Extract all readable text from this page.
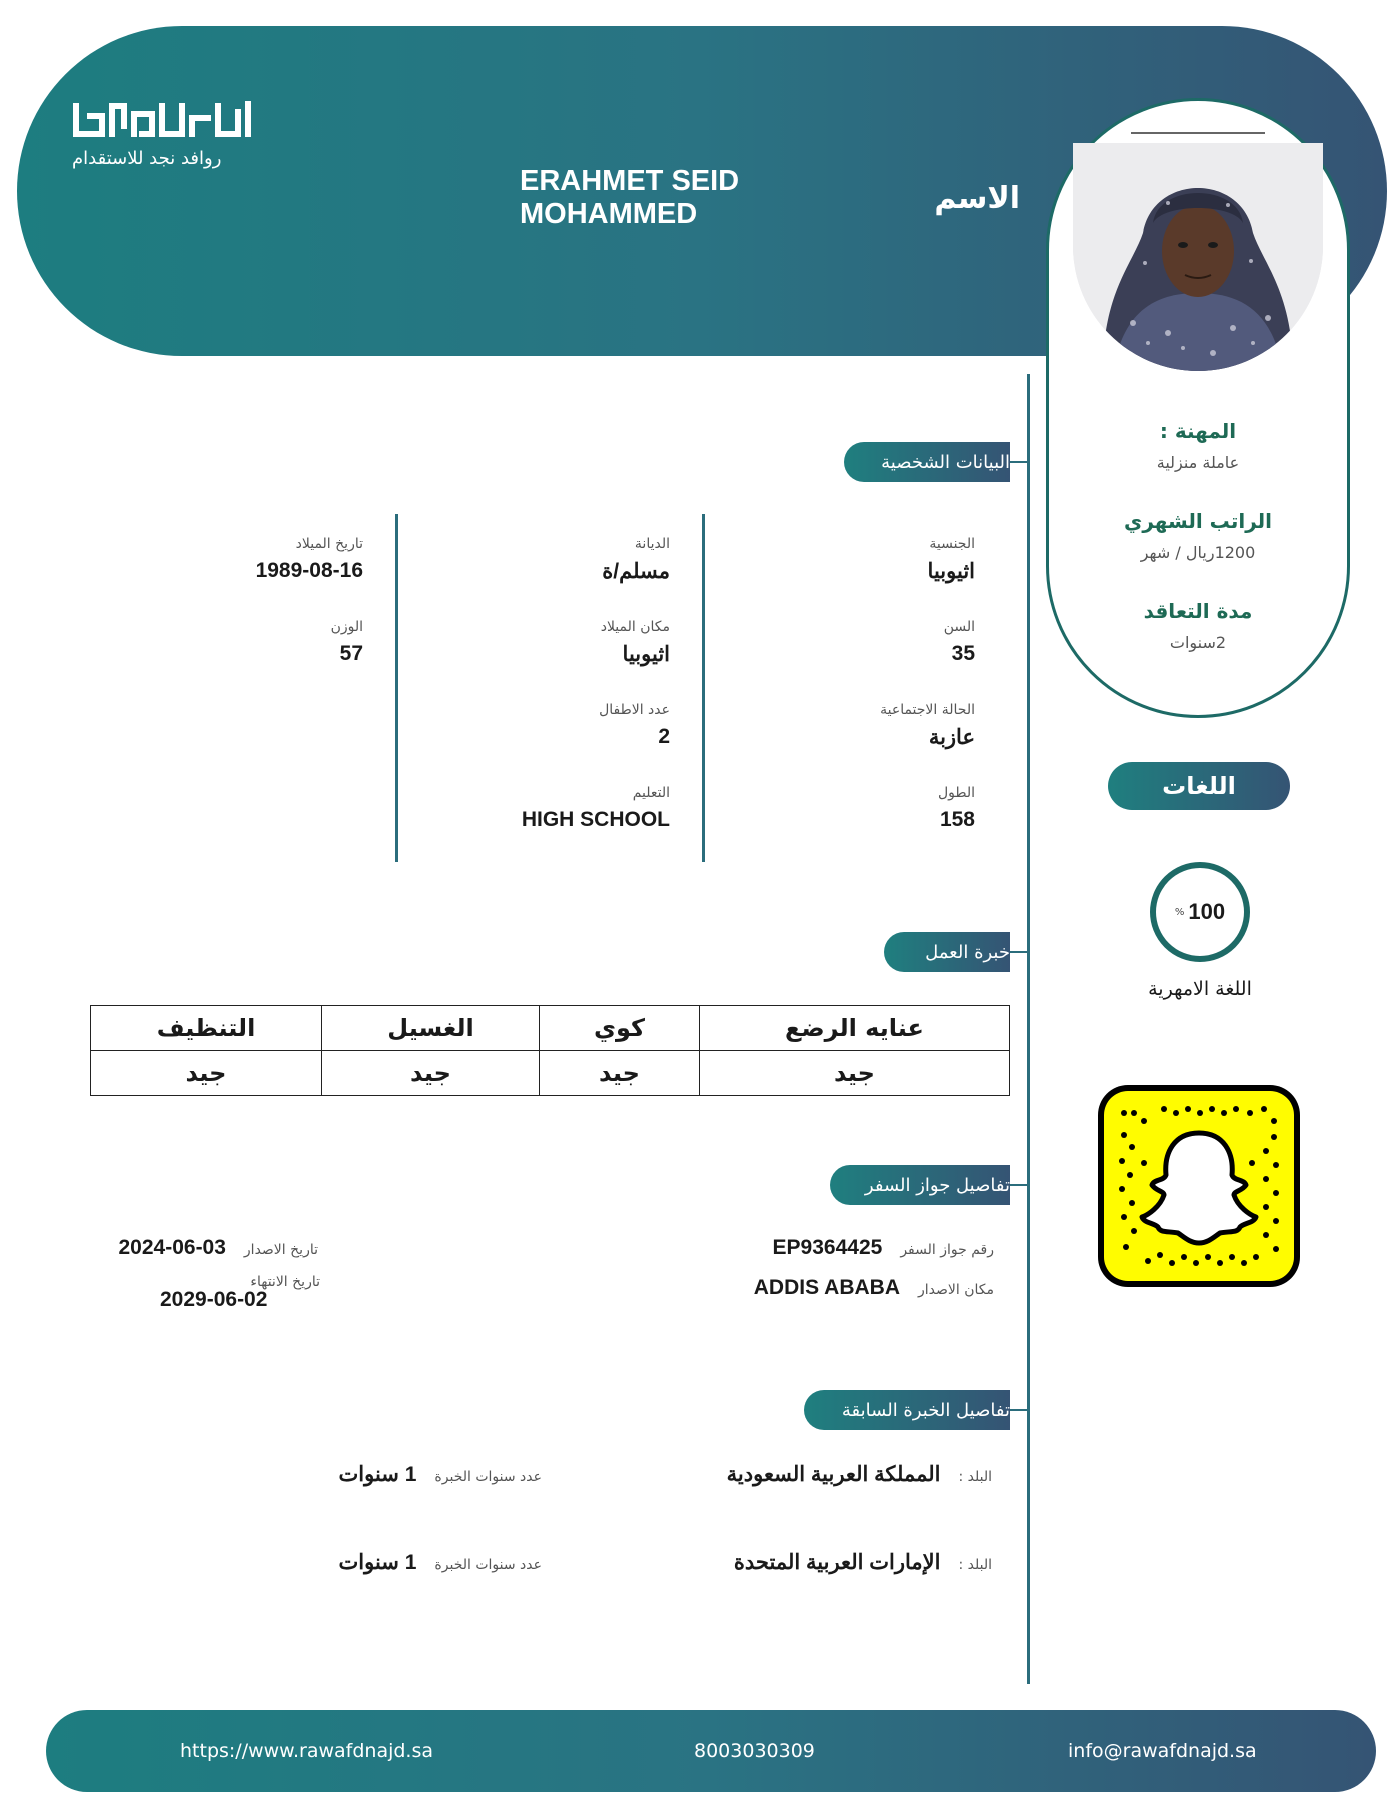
روافد نجد للاستقدام
ERAHMET SEID MOHAMMED	الاسم
المهنة :
عاملة منزلية
الراتب الشهري
1200ريال / شهر
مدة التعاقد
2سنوات
اللغات
% 100
اللغة الامهرية
البيانات الشخصية
الجنسية
اثيوبيا
السن
35
الحالة الاجتماعية
عازبة
الطول
158
الديانة
مسلم/ة
مكان الميلاد
اثيوبيا
عدد الاطفال
2
التعليم
HIGH SCHOOL
تاريخ الميلاد
1989-08-16
الوزن
57
خبرة العمل
عنايه الرضع	كوي	الغسيل	التنظيف
جيد	جيد	جيد	جيد
تفاصيل جواز السفر
رقم جواز السفر
EP9364425
مكان الاصدار
ADDIS ABABA
تاريخ الاصدار
2024-06-03
تاريخ الانتهاء
2029-06-02
تفاصيل الخبرة السابقة
البلد :
المملكة العربية السعودية
عدد سنوات الخبرة
1 سنوات
البلد :
الإمارات العربية المتحدة
عدد سنوات الخبرة
1 سنوات
https://www.rawafdnajd.sa	8003030309	info@rawafdnajd.sa
